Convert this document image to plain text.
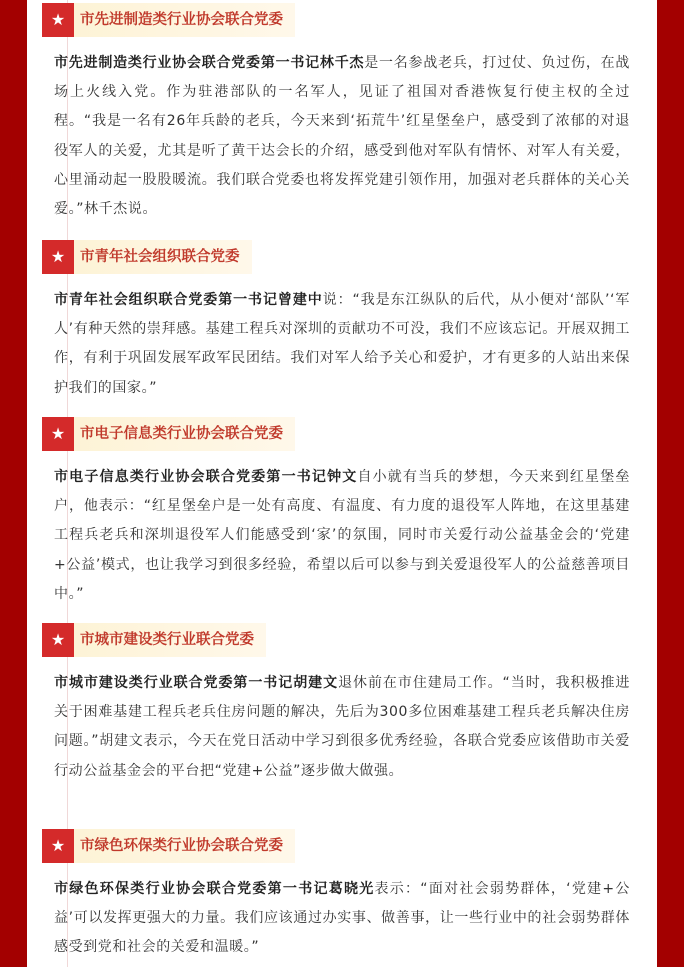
★	市先进制造类行业协会联合党委

市先进制造类行业协会联合党委第一书记林千杰是一名参战老兵，打过仗、负过伤，在战场上火线入党。作为驻港部队的一名军人，见证了祖国对香港恢复行使主权的全过程。“我是一名有26年兵龄的老兵，今天来到‘拓荒牛’红星堡垒户，感受到了浓郁的对退役军人的关爱，尤其是听了黄干达会长的介绍，感受到他对军队有情怀、对军人有关爱，心里涌动起一股股暖流。我们联合党委也将发挥党建引领作用，加强对老兵群体的关心关爱。”林千杰说。

★	市青年社会组织联合党委

市青年社会组织联合党委第一书记曾建中说：“我是东江纵队的后代，从小便对‘部队’‘军人’有种天然的崇拜感。基建工程兵对深圳的贡献功不可没，我们不应该忘记。开展双拥工作，有利于巩固发展军政军民团结。我们对军人给予关心和爱护，才有更多的人站出来保护我们的国家。”

★	市电子信息类行业协会联合党委

市电子信息类行业协会联合党委第一书记钟文自小就有当兵的梦想，今天来到红星堡垒户，他表示：“红星堡垒户是一处有高度、有温度、有力度的退役军人阵地，在这里基建工程兵老兵和深圳退役军人们能感受到‘家’的氛围，同时市关爱行动公益基金会的‘党建+公益’模式，也让我学习到很多经验，希望以后可以参与到关爱退役军人的公益慈善项目中。”

★	市城市建设类行业联合党委

市城市建设类行业联合党委第一书记胡建文退休前在市住建局工作。“当时，我积极推进关于困难基建工程兵老兵住房问题的解决，先后为300多位困难基建工程兵老兵解决住房问题。”胡建文表示，今天在党日活动中学习到很多优秀经验，各联合党委应该借助市关爱行动公益基金会的平台把“党建+公益”逐步做大做强。

★	市绿色环保类行业协会联合党委

市绿色环保类行业协会联合党委第一书记葛晓光表示：“面对社会弱势群体，‘党建+公益’可以发挥更强大的力量。我们应该通过办实事、做善事，让一些行业中的社会弱势群体感受到党和社会的关爱和温暖。”
